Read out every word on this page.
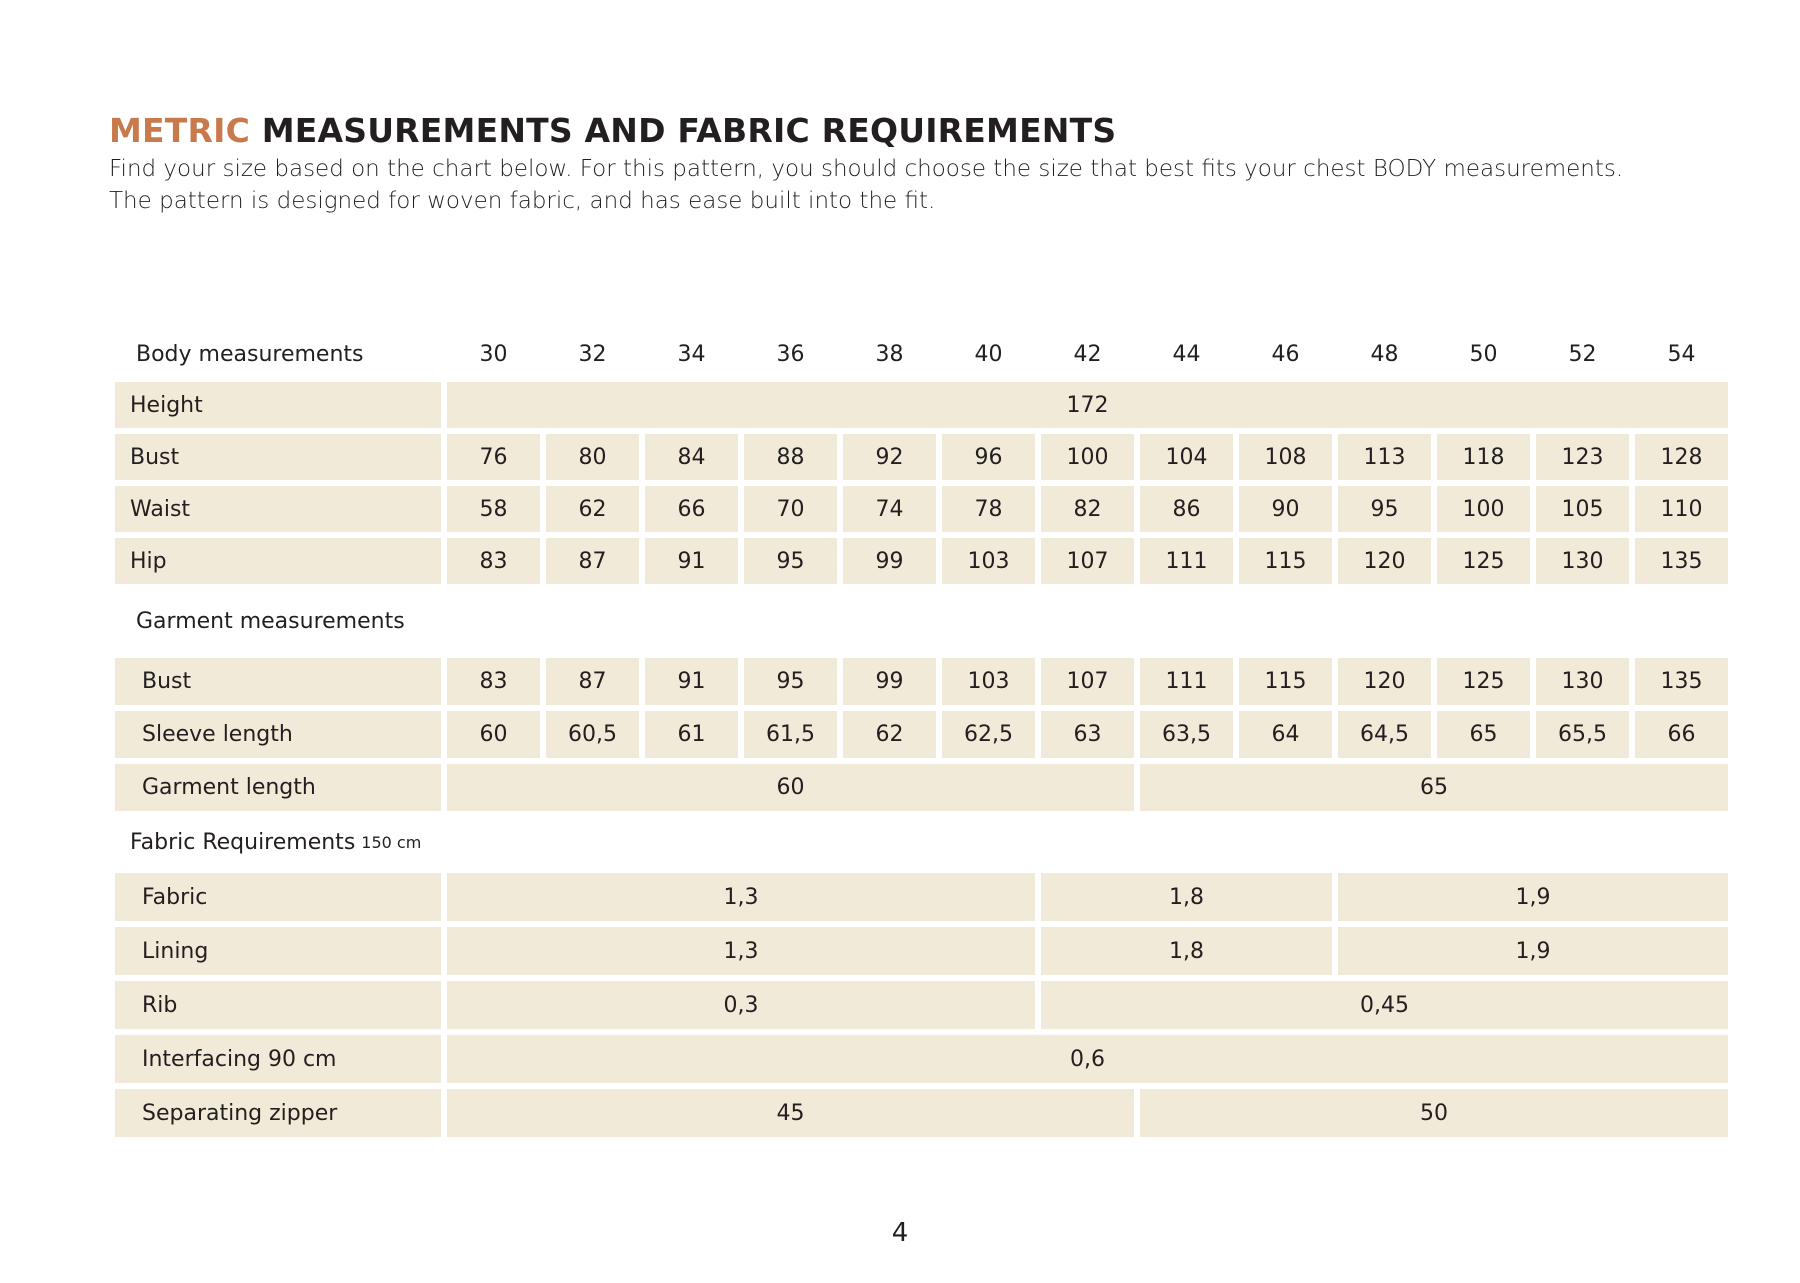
METRIC MEASUREMENTS AND FABRIC REQUIREMENTS
Find your size based on the chart below. For this pattern, you should choose the size that best fits your chest BODY measurements.
The pattern is designed for woven fabric, and has ease built into the fit.
Body measurements	30	32	34	36	38	40	42	44	46	48	50	52	54
Height	172
Bust	76	80	84	88	92	96	100	104	108	113	118	123	128
Waist	58	62	66	70	74	78	82	86	90	95	100	105	110
Hip	83	87	91	95	99	103	107	111	115	120	125	130	135
Garment measurements
Bust	83	87	91	95	99	103	107	111	115	120	125	130	135
Sleeve length	60	60,5	61	61,5	62	62,5	63	63,5	64	64,5	65	65,5	66
Garment length	60	65
Fabric Requirements 150 cm
Fabric	1,3	1,8	1,9
Lining	1,3	1,8	1,9
Rib	0,3	0,45
Interfacing 90 cm	0,6
Separating zipper	45	50
4
